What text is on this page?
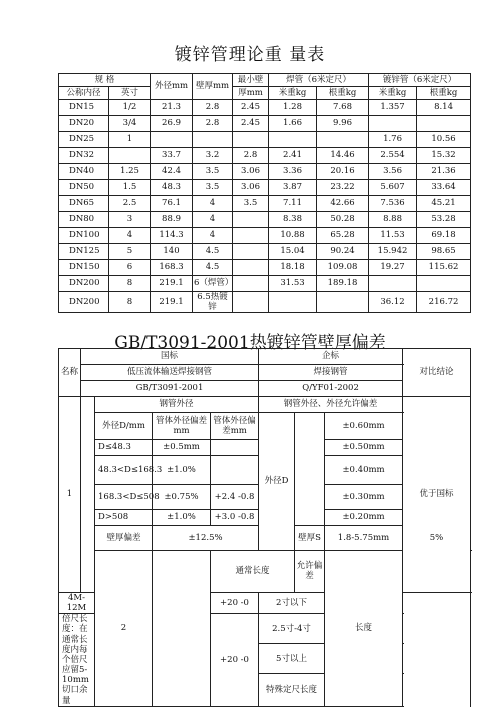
镀锌管理论重 量表
规 格		外径mm	壁厚mm	最小壁	焊管（6米定尺）		镀锌管（6米定尺）	
公称内径	英寸			厚mm	米重kg	根重kg	米重kg	根重kg
DN15	1/2	21.3	2.8	2.45	1.28	7.68	1.357	8.14
DN20	3/4	26.9	2.8	2.45	1.66	9.96		
DN25	1						1.76	10.56
DN32		33.7	3.2	2.8	2.41	14.46	2.554	15.32
DN40	1.25	42.4	3.5	3.06	3.36	20.16	3.56	21.36
DN50	1.5	48.3	3.5	3.06	3.87	23.22	5.607	33.64
DN65	2.5	76.1	4	3.5	7.11	42.66	7.536	45.21
DN80	3	88.9	4		8.38	50.28	8.88	53.28
DN100	4	114.3	4		10.88	65.28	11.53	69.18
DN125	5	140	4.5		15.04	90.24	15.942	98.65
DN150	6	168.3	4.5		18.18	109.08	19.27	115.62
DN200	8	219.1	6（焊管）		31.53	189.18		
DN200	8	219.1	6.5热镀锌				36.12	216.72
GB/T3091-2001热镀锌管壁厚偏差
名称	国标				企标			对比结论	
	低压流体输送焊接钢管				焊接钢管				
	GB/T3091-2001				Q/YF01-2002				
1		钢管外径			钢管外径、外径允许偏差			优于国标	
		外径D/mm	管体外径偏差mm	管体外径偏差mm	外径D		±0.60mm		
		D≤48.3	±0.5mm				±0.50mm		
		48.3<D≤168.3	±1.0%				±0.40mm		
		168.3<D≤508	±0.75%	+2.4 -0.8			±0.30mm		
		D>508	±1.0%	+3.0 -0.8			±0.20mm		
		壁厚偏差	±12.5%			壁厚S	1.8-5.75mm	5%	
		2		通常长度		允许偏差	长度			
4M-12M				+20 -0	2寸以下	
倍尺长度：在通常长度内每个倍尺应留5-10mm切口余量				+20 -0	2.5寸-4寸	
					5寸以上	
					特殊定尺长度	
